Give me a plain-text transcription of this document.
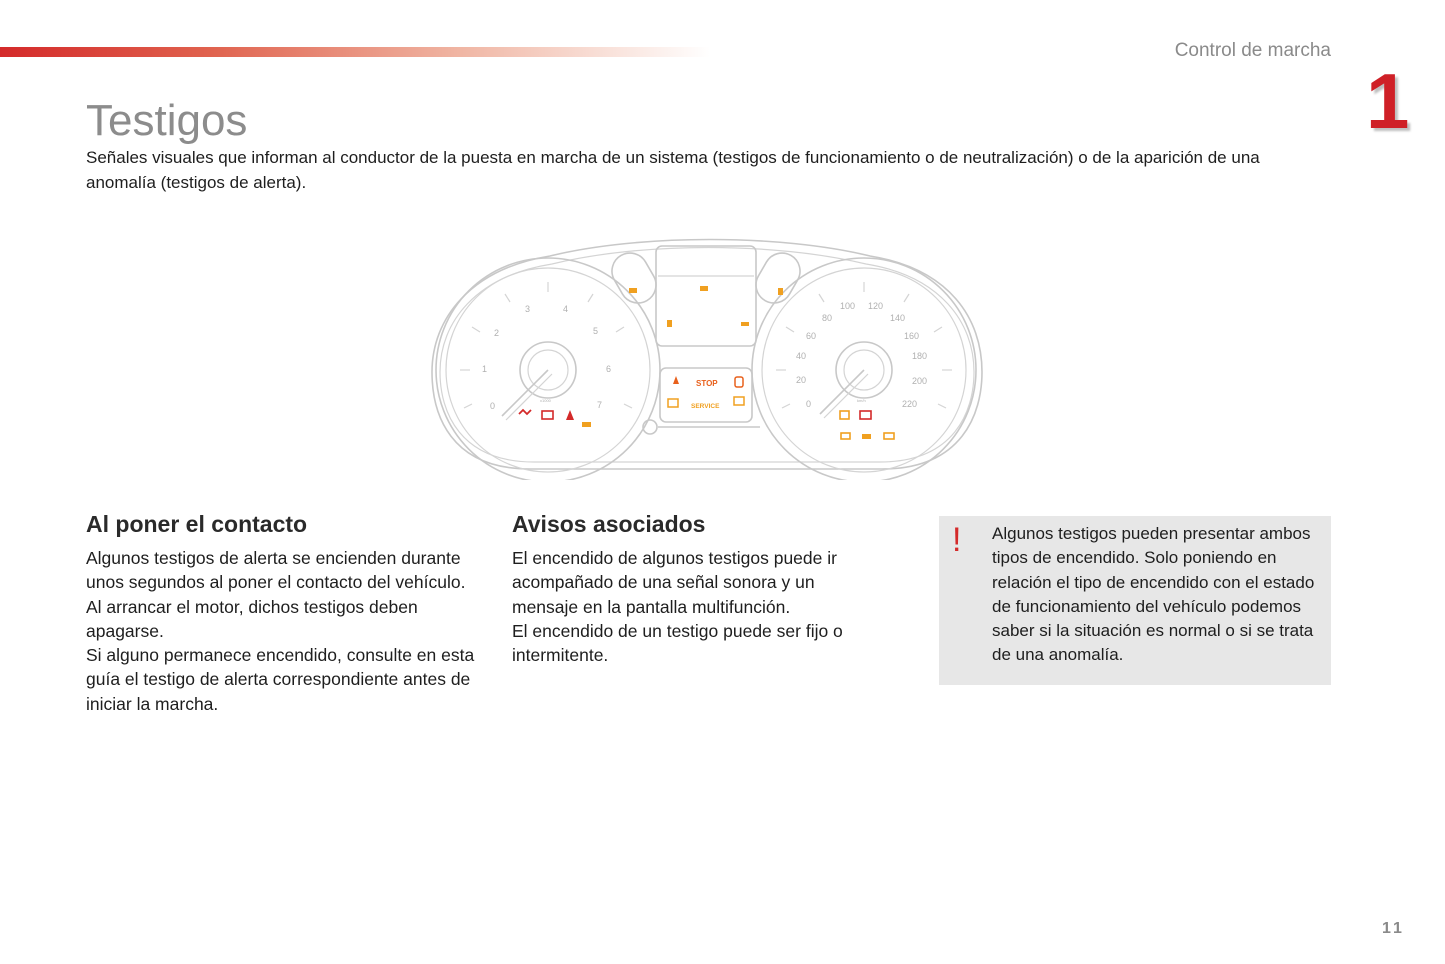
Control de marcha
1
Testigos
Señales visuales que informan al conductor de la puesta en marcha de un sistema (testigos de funcionamiento o de neutralización) o de la aparición de una anomalía (testigos de alerta).
0
1
2
3	4
5
6
7
x1000	0
20
40
60
80
100 120
140
160
180
200
220
km/h
STOP
SERVICE
Al poner el contacto

Algunos testigos de alerta se encienden durante unos segundos al poner el contacto del vehículo.

Al arrancar el motor, dichos testigos deben apagarse.

Si alguno permanece encendido, consulte en esta guía el testigo de alerta correspondiente antes de iniciar la marcha.

Avisos asociados

El encendido de algunos testigos puede ir acompañado de una señal sonora y un mensaje en la pantalla multifunción.

El encendido de un testigo puede ser fijo o intermitente.

! Algunos testigos pueden presentar ambos tipos de encendido. Solo poniendo en relación el tipo de encendido con el estado de funcionamiento del vehículo podemos saber si la situación es normal o si se trata de una anomalía.
11
